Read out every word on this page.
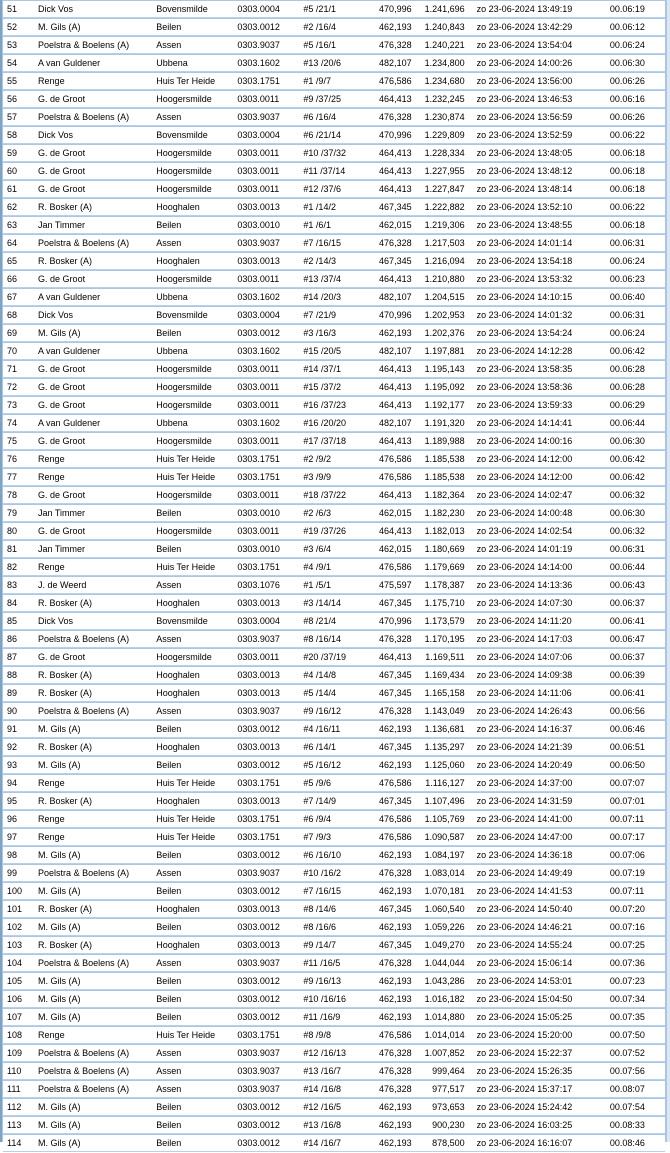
51	Dick Vos	Bovensmilde	0303.0004	#5 /21/1	470,996	1.241,696	zo 23-06-2024 13:49:19	00.06:19
52	M. Gils (A)	Beilen	0303.0012	#2 /16/4	462,193	1.240,843	zo 23-06-2024 13:42:29	00.06:12
53	Poelstra & Boelens (A)	Assen	0303.9037	#5 /16/1	476,328	1.240,221	zo 23-06-2024 13:54:04	00.06:24
54	A van Guldener	Ubbena	0303.1602	#13 /20/6	482,107	1.234,800	zo 23-06-2024 14:00:26	00.06:30
55	Renge	Huis Ter Heide	0303.1751	#1 /9/7	476,586	1.234,680	zo 23-06-2024 13:56:00	00.06:26
56	G. de Groot	Hoogersmilde	0303.0011	#9 /37/25	464,413	1.232,245	zo 23-06-2024 13:46:53	00.06:16
57	Poelstra & Boelens (A)	Assen	0303.9037	#6 /16/4	476,328	1.230,874	zo 23-06-2024 13:56:59	00.06:26
58	Dick Vos	Bovensmilde	0303.0004	#6 /21/14	470,996	1.229,809	zo 23-06-2024 13:52:59	00.06:22
59	G. de Groot	Hoogersmilde	0303.0011	#10 /37/32	464,413	1.228,334	zo 23-06-2024 13:48:05	00.06:18
60	G. de Groot	Hoogersmilde	0303.0011	#11 /37/14	464,413	1.227,955	zo 23-06-2024 13:48:12	00.06:18
61	G. de Groot	Hoogersmilde	0303.0011	#12 /37/6	464,413	1.227,847	zo 23-06-2024 13:48:14	00.06:18
62	R. Bosker (A)	Hooghalen	0303.0013	#1 /14/2	467,345	1.222,882	zo 23-06-2024 13:52:10	00.06:22
63	Jan Timmer	Beilen	0303.0010	#1 /6/1	462,015	1.219,306	zo 23-06-2024 13:48:55	00.06:18
64	Poelstra & Boelens (A)	Assen	0303.9037	#7 /16/15	476,328	1.217,503	zo 23-06-2024 14:01:14	00.06:31
65	R. Bosker (A)	Hooghalen	0303.0013	#2 /14/3	467,345	1.216,094	zo 23-06-2024 13:54:18	00.06:24
66	G. de Groot	Hoogersmilde	0303.0011	#13 /37/4	464,413	1.210,880	zo 23-06-2024 13:53:32	00.06:23
67	A van Guldener	Ubbena	0303.1602	#14 /20/3	482,107	1.204,515	zo 23-06-2024 14:10:15	00.06:40
68	Dick Vos	Bovensmilde	0303.0004	#7 /21/9	470,996	1.202,953	zo 23-06-2024 14:01:32	00.06:31
69	M. Gils (A)	Beilen	0303.0012	#3 /16/3	462,193	1.202,376	zo 23-06-2024 13:54:24	00.06:24
70	A van Guldener	Ubbena	0303.1602	#15 /20/5	482,107	1.197,881	zo 23-06-2024 14:12:28	00.06:42
71	G. de Groot	Hoogersmilde	0303.0011	#14 /37/1	464,413	1.195,143	zo 23-06-2024 13:58:35	00.06:28
72	G. de Groot	Hoogersmilde	0303.0011	#15 /37/2	464,413	1.195,092	zo 23-06-2024 13:58:36	00.06:28
73	G. de Groot	Hoogersmilde	0303.0011	#16 /37/23	464,413	1.192,177	zo 23-06-2024 13:59:33	00.06:29
74	A van Guldener	Ubbena	0303.1602	#16 /20/20	482,107	1.191,320	zo 23-06-2024 14:14:41	00.06:44
75	G. de Groot	Hoogersmilde	0303.0011	#17 /37/18	464,413	1.189,988	zo 23-06-2024 14:00:16	00.06:30
76	Renge	Huis Ter Heide	0303.1751	#2 /9/2	476,586	1.185,538	zo 23-06-2024 14:12:00	00.06:42
77	Renge	Huis Ter Heide	0303.1751	#3 /9/9	476,586	1.185,538	zo 23-06-2024 14:12:00	00.06:42
78	G. de Groot	Hoogersmilde	0303.0011	#18 /37/22	464,413	1.182,364	zo 23-06-2024 14:02:47	00.06:32
79	Jan Timmer	Beilen	0303.0010	#2 /6/3	462,015	1.182,230	zo 23-06-2024 14:00:48	00.06:30
80	G. de Groot	Hoogersmilde	0303.0011	#19 /37/26	464,413	1.182,013	zo 23-06-2024 14:02:54	00.06:32
81	Jan Timmer	Beilen	0303.0010	#3 /6/4	462,015	1.180,669	zo 23-06-2024 14:01:19	00.06:31
82	Renge	Huis Ter Heide	0303.1751	#4 /9/1	476,586	1.179,669	zo 23-06-2024 14:14:00	00.06:44
83	J. de Weerd	Assen	0303.1076	#1 /5/1	475,597	1.178,387	zo 23-06-2024 14:13:36	00.06:43
84	R. Bosker (A)	Hooghalen	0303.0013	#3 /14/14	467,345	1.175,710	zo 23-06-2024 14:07:30	00.06:37
85	Dick Vos	Bovensmilde	0303.0004	#8 /21/4	470,996	1.173,579	zo 23-06-2024 14:11:20	00.06:41
86	Poelstra & Boelens (A)	Assen	0303.9037	#8 /16/14	476,328	1.170,195	zo 23-06-2024 14:17:03	00.06:47
87	G. de Groot	Hoogersmilde	0303.0011	#20 /37/19	464,413	1.169,511	zo 23-06-2024 14:07:06	00.06:37
88	R. Bosker (A)	Hooghalen	0303.0013	#4 /14/8	467,345	1.169,434	zo 23-06-2024 14:09:38	00.06:39
89	R. Bosker (A)	Hooghalen	0303.0013	#5 /14/4	467,345	1.165,158	zo 23-06-2024 14:11:06	00.06:41
90	Poelstra & Boelens (A)	Assen	0303.9037	#9 /16/12	476,328	1.143,049	zo 23-06-2024 14:26:43	00.06:56
91	M. Gils (A)	Beilen	0303.0012	#4 /16/11	462,193	1.136,681	zo 23-06-2024 14:16:37	00.06:46
92	R. Bosker (A)	Hooghalen	0303.0013	#6 /14/1	467,345	1.135,297	zo 23-06-2024 14:21:39	00.06:51
93	M. Gils (A)	Beilen	0303.0012	#5 /16/12	462,193	1.125,060	zo 23-06-2024 14:20:49	00.06:50
94	Renge	Huis Ter Heide	0303.1751	#5 /9/6	476,586	1.116,127	zo 23-06-2024 14:37:00	00.07:07
95	R. Bosker (A)	Hooghalen	0303.0013	#7 /14/9	467,345	1.107,496	zo 23-06-2024 14:31:59	00.07:01
96	Renge	Huis Ter Heide	0303.1751	#6 /9/4	476,586	1.105,769	zo 23-06-2024 14:41:00	00.07:11
97	Renge	Huis Ter Heide	0303.1751	#7 /9/3	476,586	1.090,587	zo 23-06-2024 14:47:00	00.07:17
98	M. Gils (A)	Beilen	0303.0012	#6 /16/10	462,193	1.084,197	zo 23-06-2024 14:36:18	00.07:06
99	Poelstra & Boelens (A)	Assen	0303.9037	#10 /16/2	476,328	1.083,014	zo 23-06-2024 14:49:49	00.07:19
100	M. Gils (A)	Beilen	0303.0012	#7 /16/15	462,193	1.070,181	zo 23-06-2024 14:41:53	00.07:11
101	R. Bosker (A)	Hooghalen	0303.0013	#8 /14/6	467,345	1.060,540	zo 23-06-2024 14:50:40	00.07:20
102	M. Gils (A)	Beilen	0303.0012	#8 /16/6	462,193	1.059,226	zo 23-06-2024 14:46:21	00.07:16
103	R. Bosker (A)	Hooghalen	0303.0013	#9 /14/7	467,345	1.049,270	zo 23-06-2024 14:55:24	00.07:25
104	Poelstra & Boelens (A)	Assen	0303.9037	#11 /16/5	476,328	1.044,044	zo 23-06-2024 15:06:14	00.07:36
105	M. Gils (A)	Beilen	0303.0012	#9 /16/13	462,193	1.043,286	zo 23-06-2024 14:53:01	00.07:23
106	M. Gils (A)	Beilen	0303.0012	#10 /16/16	462,193	1.016,182	zo 23-06-2024 15:04:50	00.07:34
107	M. Gils (A)	Beilen	0303.0012	#11 /16/9	462,193	1.014,880	zo 23-06-2024 15:05:25	00.07:35
108	Renge	Huis Ter Heide	0303.1751	#8 /9/8	476,586	1.014,014	zo 23-06-2024 15:20:00	00.07:50
109	Poelstra & Boelens (A)	Assen	0303.9037	#12 /16/13	476,328	1.007,852	zo 23-06-2024 15:22:37	00.07:52
110	Poelstra & Boelens (A)	Assen	0303.9037	#13 /16/7	476,328	999,464	zo 23-06-2024 15:26:35	00.07:56
111	Poelstra & Boelens (A)	Assen	0303.9037	#14 /16/8	476,328	977,517	zo 23-06-2024 15:37:17	00.08:07
112	M. Gils (A)	Beilen	0303.0012	#12 /16/5	462,193	973,653	zo 23-06-2024 15:24:42	00.07:54
113	M. Gils (A)	Beilen	0303.0012	#13 /16/8	462,193	900,230	zo 23-06-2024 16:03:25	00.08:33
114	M. Gils (A)	Beilen	0303.0012	#14 /16/7	462,193	878,500	zo 23-06-2024 16:16:07	00.08:46
